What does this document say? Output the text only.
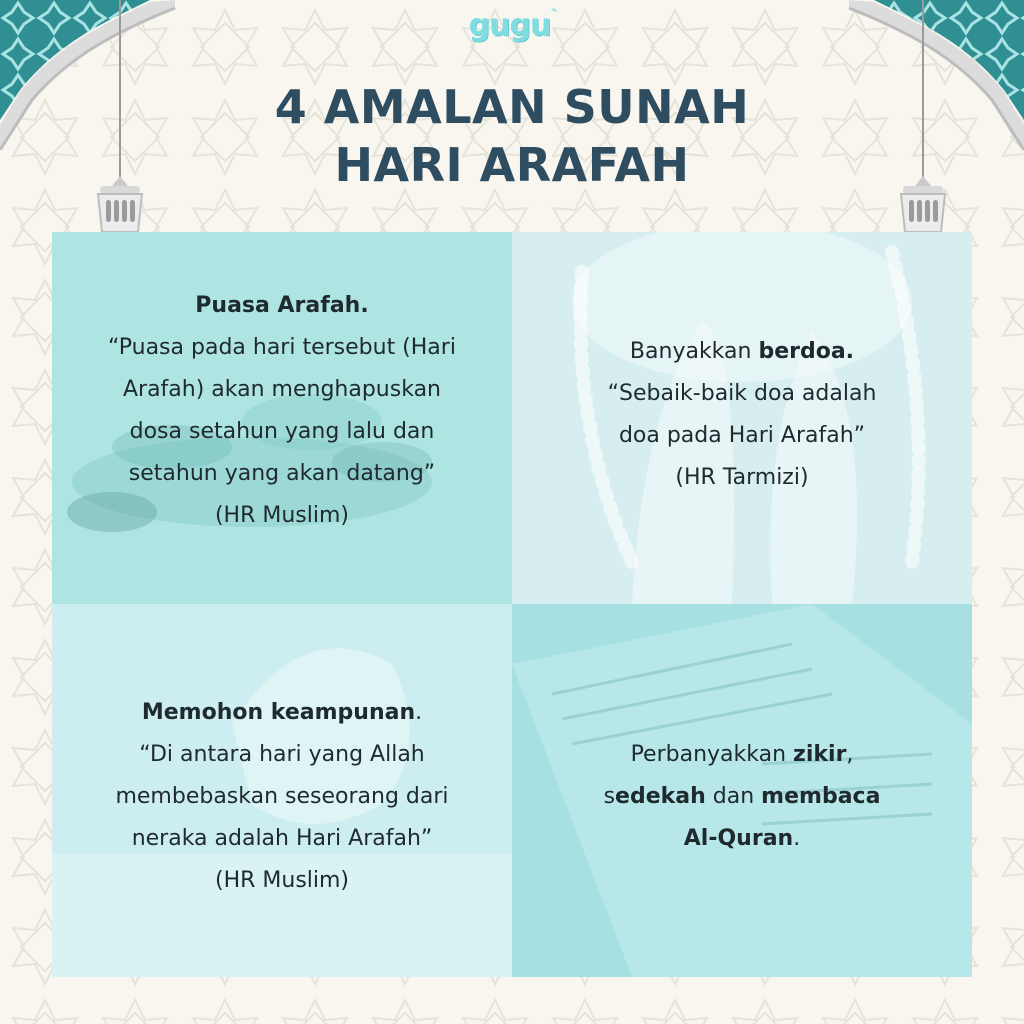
gugu™
4 AMALAN SUNAH
HARI ARAFAH
Puasa Arafah.
“Puasa pada hari tersebut (Hari
Arafah) akan menghapuskan
dosa setahun yang lalu dan
setahun yang akan datang”
(HR Muslim)
Banyakkan berdoa.
“Sebaik-baik doa adalah
doa pada Hari Arafah”
(HR Tarmizi)
Memohon keampunan.
“Di antara hari yang Allah
membebaskan seseorang dari
neraka adalah Hari Arafah”
(HR Muslim)
Perbanyakkan zikir,
sedekah dan membaca
Al-Quran.
